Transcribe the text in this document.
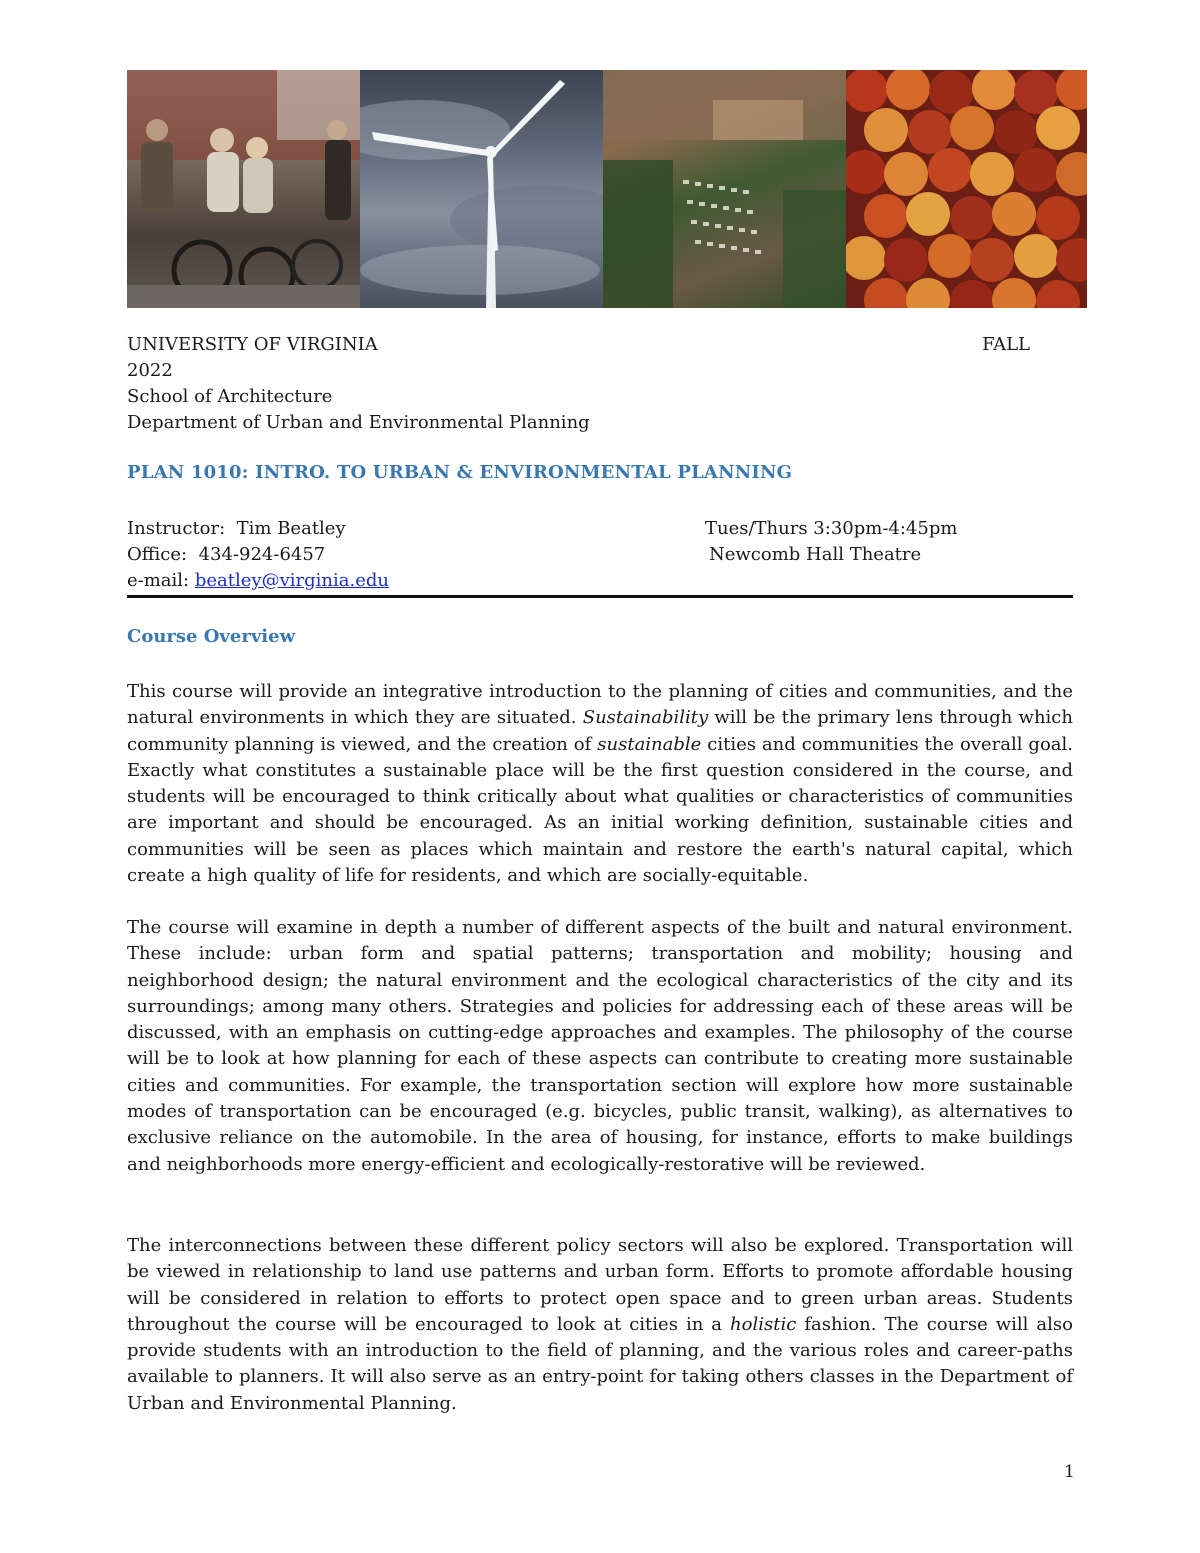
UNIVERSITY OF VIRGINIA	FALL
2022
School of Architecture
Department of Urban and Environmental Planning
PLAN 1010: INTRO. TO URBAN & ENVIRONMENTAL PLANNING
Instructor: Tim Beatley	Tues/Thurs 3:30pm-4:45pm
Office: 434-924-6457	Newcomb Hall Theatre
e-mail: beatley@virginia.edu
Course Overview
This course will provide an integrative introduction to the planning of cities and communities, and the natural environments in which they are situated. Sustainability will be the primary lens through which community planning is viewed, and the creation of sustainable cities and communities the overall goal. Exactly what constitutes a sustainable place will be the first question considered in the course, and students will be encouraged to think critically about what qualities or characteristics of communities are important and should be encouraged. As an initial working definition, sustainable cities and communities will be seen as places which maintain and restore the earth's natural capital, which create a high quality of life for residents, and which are socially-equitable.
The course will examine in depth a number of different aspects of the built and natural environment. These include: urban form and spatial patterns; transportation and mobility; housing and neighborhood design; the natural environment and the ecological characteristics of the city and its surroundings; among many others. Strategies and policies for addressing each of these areas will be discussed, with an emphasis on cutting-edge approaches and examples. The philosophy of the course will be to look at how planning for each of these aspects can contribute to creating more sustainable cities and communities. For example, the transportation section will explore how more sustainable modes of transportation can be encouraged (e.g. bicycles, public transit, walking), as alternatives to exclusive reliance on the automobile. In the area of housing, for instance, efforts to make buildings and neighborhoods more energy-efficient and ecologically-restorative will be reviewed.
The interconnections between these different policy sectors will also be explored. Transportation will be viewed in relationship to land use patterns and urban form. Efforts to promote affordable housing will be considered in relation to efforts to protect open space and to green urban areas. Students throughout the course will be encouraged to look at cities in a holistic fashion. The course will also provide students with an introduction to the field of planning, and the various roles and career-paths available to planners. It will also serve as an entry-point for taking others classes in the Department of Urban and Environmental Planning.
1
